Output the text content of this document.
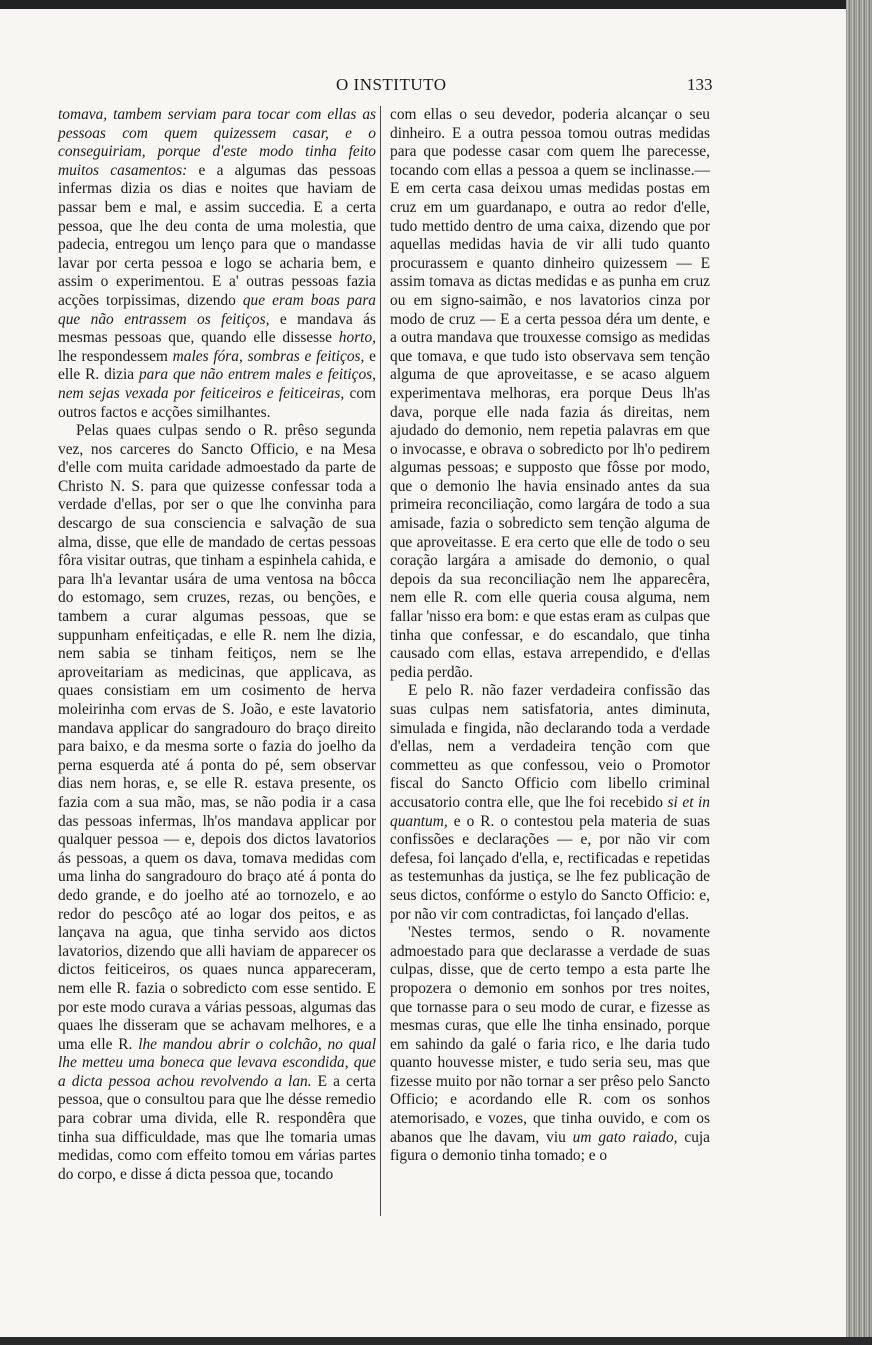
O INSTITUTO	133

tomava, tambem serviam para tocar com ellas as pessoas com quem quizessem casar, e o conseguiriam, porque d'este modo tinha feito muitos casamentos: e a algumas das pessoas infermas dizia os dias e noites que haviam de passar bem e mal, e assim succedia. E a certa pessoa, que lhe deu conta de uma molestia, que padecia, entregou um lenço para que o mandasse lavar por certa pessoa e logo se acharia bem, e assim o experimentou. E a' outras pessoas fazia acções torpissimas, dizendo que eram boas para que não entrassem os feitiços, e mandava ás mesmas pessoas que, quando elle dissesse horto, lhe respondessem males fóra, sombras e feitiços, e elle R. dizia para que não entrem males e feitiços, nem sejas vexada por feiticeiros e feiticeiras, com outros factos e acções similhantes.

Pelas quaes culpas sendo o R. prêso segunda vez, nos carceres do Sancto Officio, e na Mesa d'elle com muita caridade admoestado da parte de Christo N. S. para que quizesse confessar toda a verdade d'ellas, por ser o que lhe convinha para descargo de sua consciencia e salvação de sua alma, disse, que elle de mandado de certas pessoas fôra visitar outras, que tinham a espinhela cahida, e para lh'a levantar usára de uma ventosa na bôcca do estomago, sem cruzes, rezas, ou benções, e tambem a curar algumas pessoas, que se suppunham enfeitiçadas, e elle R. nem lhe dizia, nem sabia se tinham feitiços, nem se lhe aproveitariam as medicinas, que applicava, as quaes consistiam em um cosimento de herva moleirinha com ervas de S. João, e este lavatorio mandava applicar do sangradouro do braço direito para baixo, e da mesma sorte o fazia do joelho da perna esquerda até á ponta do pé, sem observar dias nem horas, e, se elle R. estava presente, os fazia com a sua mão, mas, se não podia ir a casa das pessoas infermas, lh'os mandava applicar por qualquer pessoa — e, depois dos dictos lavatorios ás pessoas, a quem os dava, tomava medidas com uma linha do sangradouro do braço até á ponta do dedo grande, e do joelho até ao tornozelo, e ao redor do pescôço até ao logar dos peitos, e as lançava na agua, que tinha servido aos dictos lavatorios, dizendo que alli haviam de apparecer os dictos feiticeiros, os quaes nunca appareceram, nem elle R. fazia o sobredicto com esse sentido. E por este modo curava a várias pessoas, algumas das quaes lhe disseram que se achavam melhores, e a uma elle R. lhe mandou abrir o colchão, no qual lhe metteu uma boneca que levava escondida, que a dicta pessoa achou revolvendo a lan. E a certa pessoa, que o consultou para que lhe désse remedio para cobrar uma divida, elle R. respondêra que tinha sua difficuldade, mas que lhe tomaria umas medidas, como com effeito tomou em várias partes do corpo, e disse á dicta pessoa que, tocando

com ellas o seu devedor, poderia alcançar o seu dinheiro. E a outra pessoa tomou outras medidas para que podesse casar com quem lhe parecesse, tocando com ellas a pessoa a quem se inclinasse.— E em certa casa deixou umas medidas postas em cruz em um guardanapo, e outra ao redor d'elle, tudo mettido dentro de uma caixa, dizendo que por aquellas medidas havia de vir alli tudo quanto procurassem e quanto dinheiro quizessem — E assim tomava as dictas medidas e as punha em cruz ou em signo-saimão, e nos lavatorios cinza por modo de cruz — E a certa pessoa déra um dente, e a outra mandava que trouxesse comsigo as medidas que tomava, e que tudo isto observava sem tenção alguma de que aproveitasse, e se acaso alguem experimentava melhoras, era porque Deus lh'as dava, porque elle nada fazia ás direitas, nem ajudado do demonio, nem repetia palavras em que o invocasse, e obrava o sobredicto por lh'o pedirem algumas pessoas; e supposto que fôsse por modo, que o demonio lhe havia ensinado antes da sua primeira reconciliação, como largára de todo a sua amisade, fazia o sobredicto sem tenção alguma de que aproveitasse. E era certo que elle de todo o seu coração largára a amisade do demonio, o qual depois da sua reconciliação nem lhe apparecêra, nem elle R. com elle queria cousa alguma, nem fallar 'nisso era bom: e que estas eram as culpas que tinha que confessar, e do escandalo, que tinha causado com ellas, estava arrependido, e d'ellas pedia perdão.

E pelo R. não fazer verdadeira confissão das suas culpas nem satisfatoria, antes diminuta, simulada e fingida, não declarando toda a verdade d'ellas, nem a verdadeira tenção com que commetteu as que confessou, veio o Promotor fiscal do Sancto Officio com libello criminal accusatorio contra elle, que lhe foi recebido si et in quantum, e o R. o contestou pela materia de suas confissões e declarações — e, por não vir com defesa, foi lançado d'ella, e, rectificadas e repetidas as testemunhas da justiça, se lhe fez publicação de seus dictos, confórme o estylo do Sancto Officio: e, por não vir com contradictas, foi lançado d'ellas.

'Nestes termos, sendo o R. novamente admoestado para que declarasse a verdade de suas culpas, disse, que de certo tempo a esta parte lhe propozera o demonio em sonhos por tres noites, que tornasse para o seu modo de curar, e fizesse as mesmas curas, que elle lhe tinha ensinado, porque em sahindo da galé o faria rico, e lhe daria tudo quanto houvesse mister, e tudo seria seu, mas que fizesse muito por não tornar a ser prêso pelo Sancto Officio; e acordando elle R. com os sonhos atemorisado, e vozes, que tinha ouvido, e com os abanos que lhe davam, viu um gato raiado, cuja figura o demonio tinha tomado; e o
